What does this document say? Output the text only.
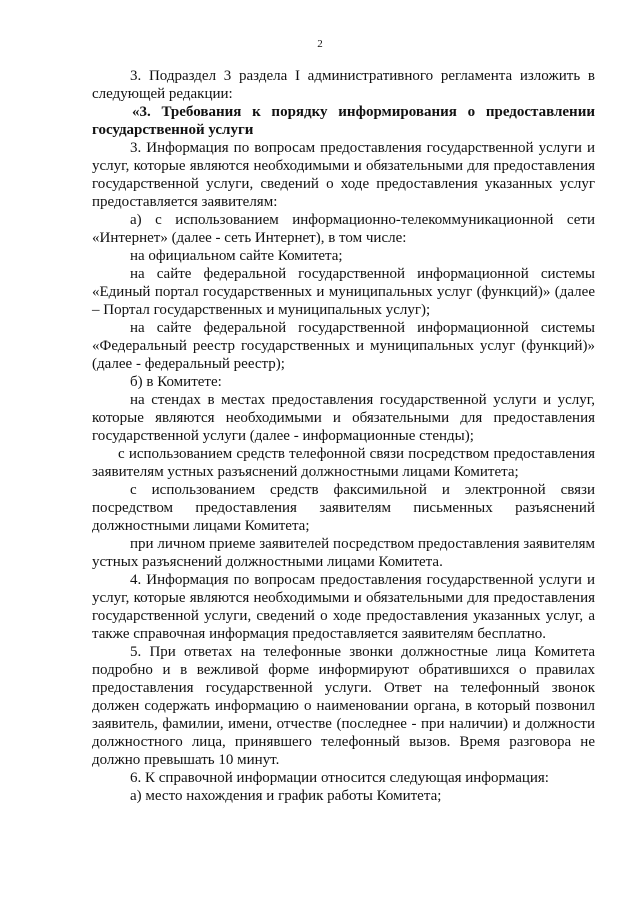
2

3. Подраздел 3 раздела I административного регламента изложить в следующей редакции:

«3. Требования к порядку информирования о предоставлении государственной услуги

3. Информация по вопросам предоставления государственной услуги и услуг, которые являются необходимыми и обязательными для предоставления государственной услуги, сведений о ходе предоставления указанных услуг предоставляется заявителям:

а) с использованием информационно-телекоммуникационной сети «Интернет» (далее - сеть Интернет), в том числе:

на официальном сайте Комитета;

на сайте федеральной государственной информационной системы «Единый портал государственных и муниципальных услуг (функций)» (далее – Портал государственных и муниципальных услуг);

на сайте федеральной государственной информационной системы «Федеральный реестр государственных и муниципальных услуг (функций)» (далее - федеральный реестр);

б) в Комитете:

на стендах в местах предоставления государственной услуги и услуг, которые являются необходимыми и обязательными для предоставления государственной услуги (далее - информационные стенды);

с использованием средств телефонной связи посредством предоставления заявителям устных разъяснений должностными лицами Комитета;

с использованием средств факсимильной и электронной связи посредством предоставления заявителям письменных разъяснений должностными лицами Комитета;

при личном приеме заявителей посредством предоставления заявителям устных разъяснений должностными лицами Комитета.

4. Информация по вопросам предоставления государственной услуги и услуг, которые являются необходимыми и обязательными для предоставления государственной услуги, сведений о ходе предоставления указанных услуг, а также справочная информация предоставляется заявителям бесплатно.

5. При ответах на телефонные звонки должностные лица Комитета подробно и в вежливой форме информируют обратившихся о правилах предоставления государственной услуги. Ответ на телефонный звонок должен содержать информацию о наименовании органа, в который позвонил заявитель, фамилии, имени, отчестве (последнее - при наличии) и должности должностного лица, принявшего телефонный вызов. Время разговора не должно превышать 10 минут.

6. К справочной информации относится следующая информация:

а) место нахождения и график работы Комитета;
